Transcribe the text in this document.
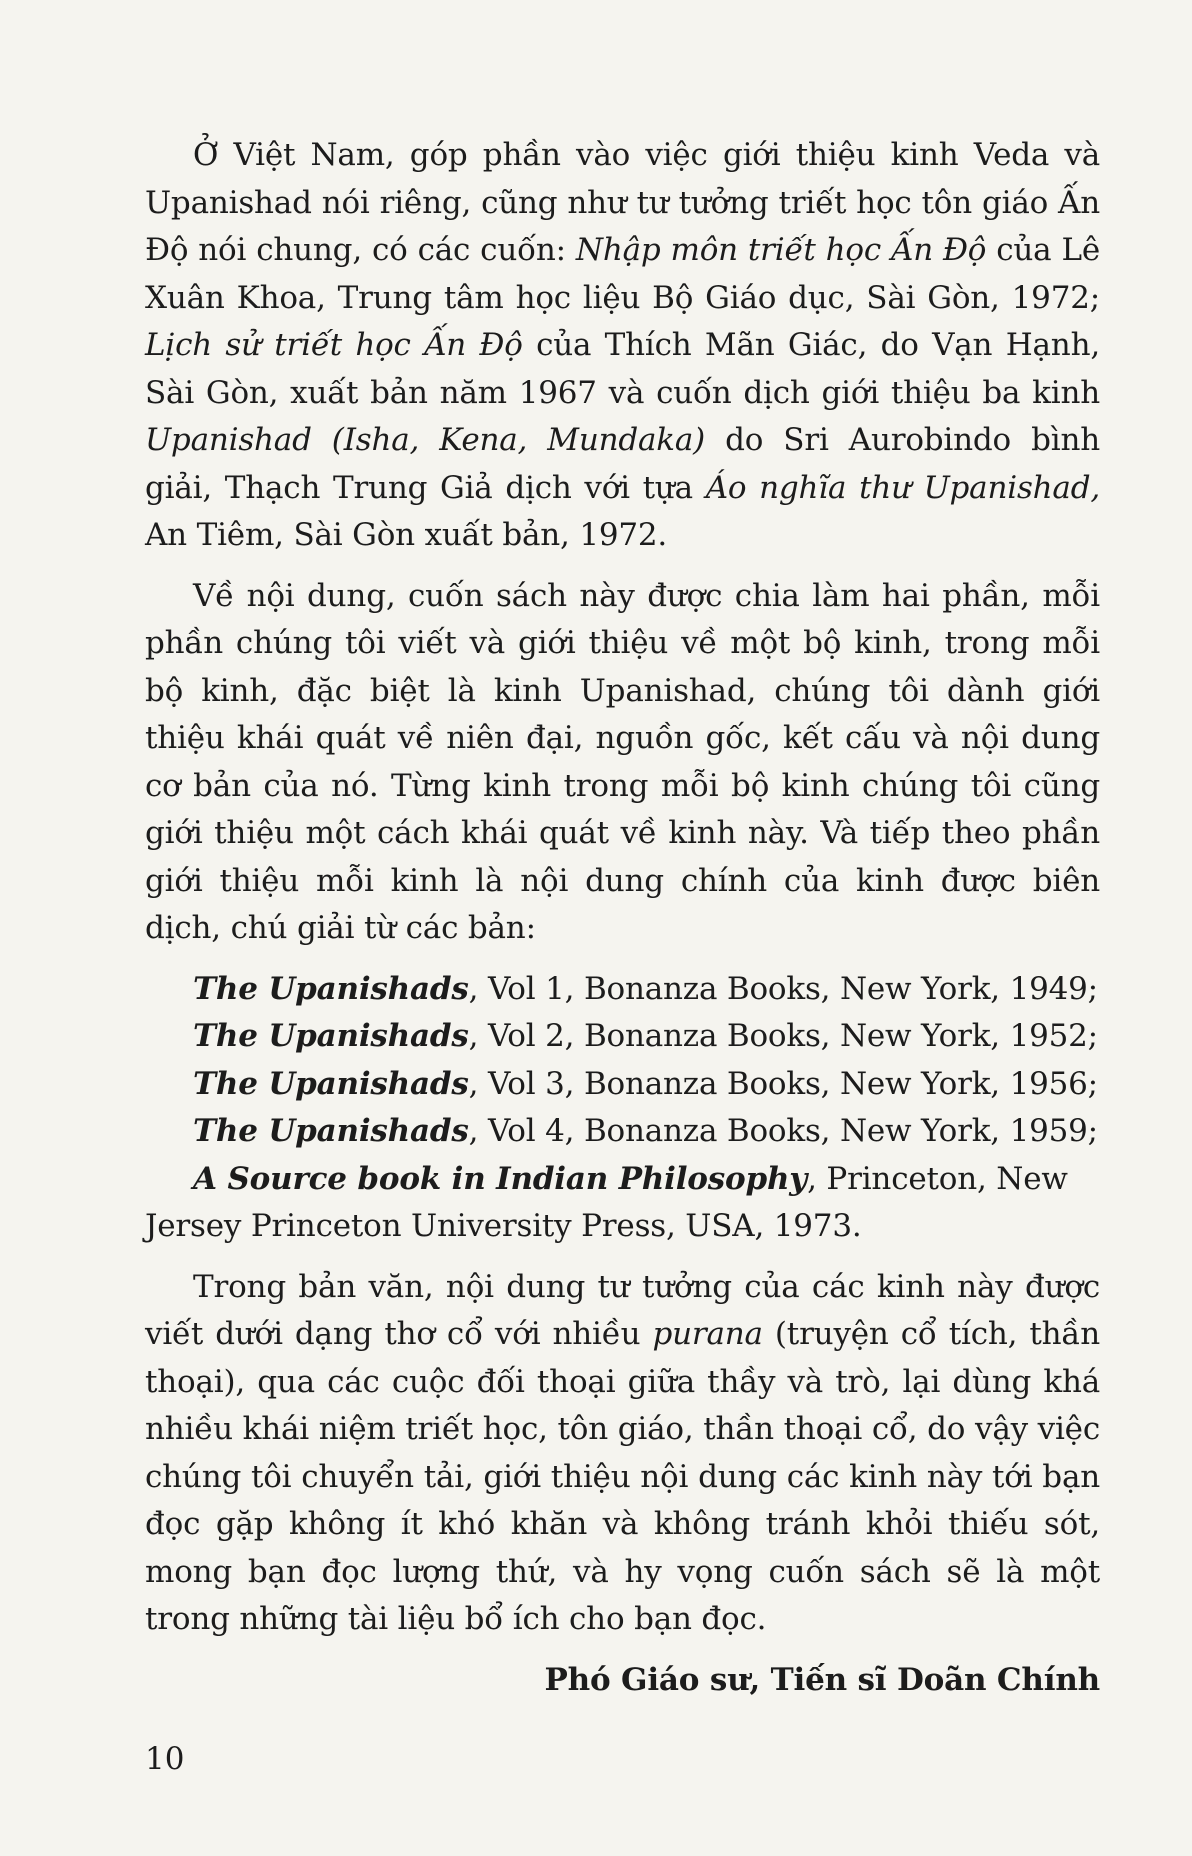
Ở Việt Nam, góp phần vào việc giới thiệu kinh Veda và Upanishad nói riêng, cũng như tư tưởng triết học tôn giáo Ấn Độ nói chung, có các cuốn: Nhập môn triết học Ấn Độ của Lê Xuân Khoa, Trung tâm học liệu Bộ Giáo dục, Sài Gòn, 1972; Lịch sử triết học Ấn Độ của Thích Mãn Giác, do Vạn Hạnh, Sài Gòn, xuất bản năm 1967 và cuốn dịch giới thiệu ba kinh Upanishad (Isha, Kena, Mundaka) do Sri Aurobindo bình giải, Thạch Trung Giả dịch với tựa Áo nghĩa thư Upanishad, An Tiêm, Sài Gòn xuất bản, 1972.

Về nội dung, cuốn sách này được chia làm hai phần, mỗi phần chúng tôi viết và giới thiệu về một bộ kinh, trong mỗi bộ kinh, đặc biệt là kinh Upanishad, chúng tôi dành giới thiệu khái quát về niên đại, nguồn gốc, kết cấu và nội dung cơ bản của nó. Từng kinh trong mỗi bộ kinh chúng tôi cũng giới thiệu một cách khái quát về kinh này. Và tiếp theo phần giới thiệu mỗi kinh là nội dung chính của kinh được biên dịch, chú giải từ các bản:

The Upanishads, Vol 1, Bonanza Books, New York, 1949;
The Upanishads, Vol 2, Bonanza Books, New York, 1952;
The Upanishads, Vol 3, Bonanza Books, New York, 1956;
The Upanishads, Vol 4, Bonanza Books, New York, 1959;
A Source book in Indian Philosophy, Princeton, New
Jersey Princeton University Press, USA, 1973.

Trong bản văn, nội dung tư tưởng của các kinh này được viết dưới dạng thơ cổ với nhiều purana (truyện cổ tích, thần thoại), qua các cuộc đối thoại giữa thầy và trò, lại dùng khá nhiều khái niệm triết học, tôn giáo, thần thoại cổ, do vậy việc chúng tôi chuyển tải, giới thiệu nội dung các kinh này tới bạn đọc gặp không ít khó khăn và không tránh khỏi thiếu sót, mong bạn đọc lượng thứ, và hy vọng cuốn sách sẽ là một trong những tài liệu bổ ích cho bạn đọc.

Phó Giáo sư, Tiến sĩ Doãn Chính
10
